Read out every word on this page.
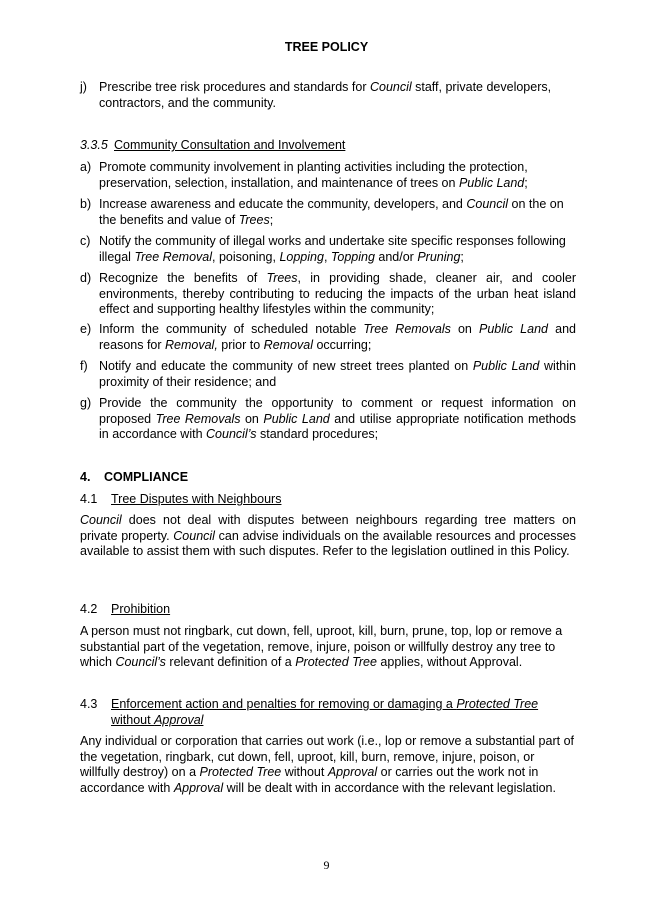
TREE POLICY
j) Prescribe tree risk procedures and standards for Council staff, private developers, contractors, and the community.
3.3.5 Community Consultation and Involvement
a) Promote community involvement in planting activities including the protection, preservation, selection, installation, and maintenance of trees on Public Land;
b) Increase awareness and educate the community, developers, and Council on the on the benefits and value of Trees;
c) Notify the community of illegal works and undertake site specific responses following illegal Tree Removal, poisoning, Lopping, Topping and/or Pruning;
d) Recognize the benefits of Trees, in providing shade, cleaner air, and cooler environments, thereby contributing to reducing the impacts of the urban heat island effect and supporting healthy lifestyles within the community;
e) Inform the community of scheduled notable Tree Removals on Public Land and reasons for Removal, prior to Removal occurring;
f) Notify and educate the community of new street trees planted on Public Land within proximity of their residence; and
g) Provide the community the opportunity to comment or request information on proposed Tree Removals on Public Land and utilise appropriate notification methods in accordance with Council’s standard procedures;
4. COMPLIANCE
4.1 Tree Disputes with Neighbours
Council does not deal with disputes between neighbours regarding tree matters on private property. Council can advise individuals on the available resources and processes available to assist them with such disputes. Refer to the legislation outlined in this Policy.
4.2 Prohibition
A person must not ringbark, cut down, fell, uproot, kill, burn, prune, top, lop or remove a substantial part of the vegetation, remove, injure, poison or willfully destroy any tree to which Council’s relevant definition of a Protected Tree applies, without Approval.
4.3 Enforcement action and penalties for removing or damaging a Protected Tree without Approval
Any individual or corporation that carries out work (i.e., lop or remove a substantial part of the vegetation, ringbark, cut down, fell, uproot, kill, burn, remove, injure, poison, or willfully destroy) on a Protected Tree without Approval or carries out the work not in accordance with Approval will be dealt with in accordance with the relevant legislation.
9
